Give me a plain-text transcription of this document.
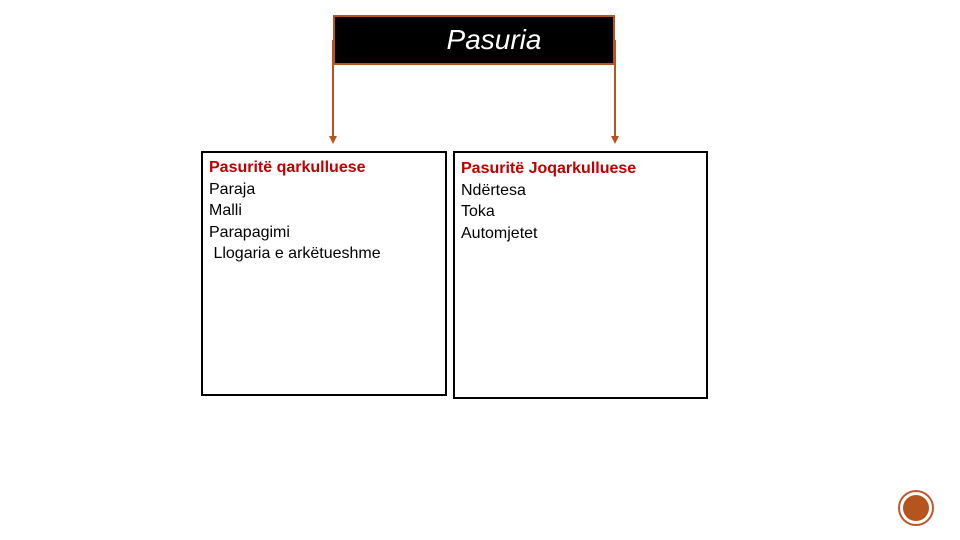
Pasuria
Pasuritë qarkulluese
Paraja
Malli
Parapagimi
Llogaria e arkëtueshme
Pasuritë Joqarkulluese
Ndërtesa
Toka
Automjetet
